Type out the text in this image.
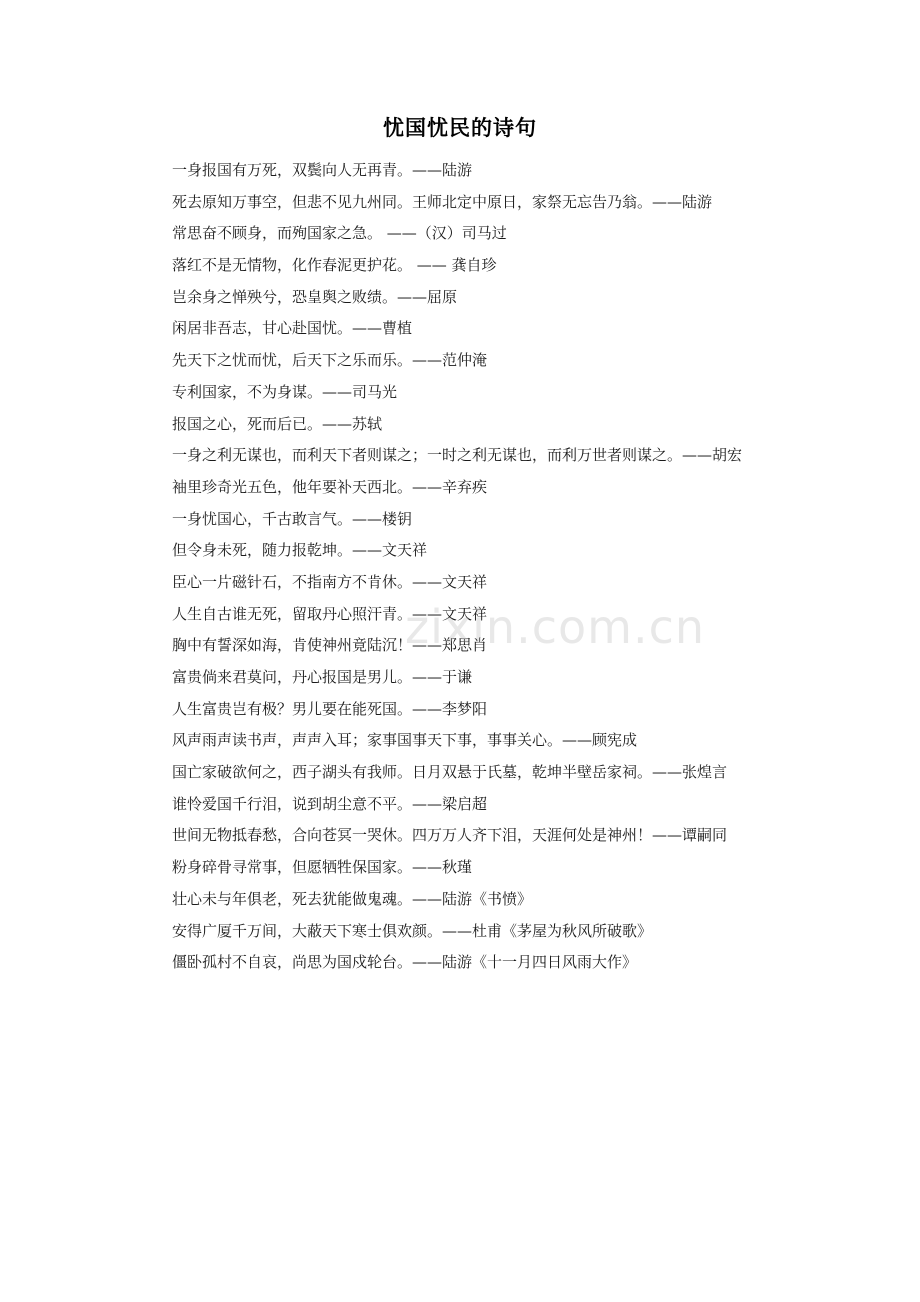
忧国忧民的诗句
一身报国有万死，双鬓向人无再青。——陆游
死去原知万事空，但悲不见九州同。王师北定中原日，家祭无忘告乃翁。——陆游
常思奋不顾身，而殉国家之急。 ——（汉）司马过
落红不是无情物，化作春泥更护花。 —— 龚自珍
岂余身之惮殃兮，恐皇舆之败绩。——屈原
闲居非吾志，甘心赴国忧。——曹植
先天下之忧而忧，后天下之乐而乐。——范仲淹
专利国家，不为身谋。——司马光
报国之心，死而后已。——苏轼
一身之利无谋也，而利天下者则谋之；一时之利无谋也，而利万世者则谋之。——胡宏
袖里珍奇光五色，他年要补天西北。——辛弃疾
一身忧国心，千古敢言气。——楼钥
但令身未死，随力报乾坤。——文天祥
臣心一片磁针石，不指南方不肯休。——文天祥
人生自古谁无死，留取丹心照汗青。——文天祥
胸中有誓深如海，肯使神州竟陆沉！——郑思肖
富贵倘来君莫问，丹心报国是男儿。——于谦
人生富贵岂有极？男儿要在能死国。——李梦阳
风声雨声读书声，声声入耳；家事国事天下事，事事关心。——顾宪成
国亡家破欲何之，西子湖头有我师。日月双悬于氏墓，乾坤半壁岳家祠。——张煌言
谁怜爱国千行泪，说到胡尘意不平。——梁启超
世间无物抵春愁，合向苍冥一哭休。四万万人齐下泪，天涯何处是神州！——谭嗣同
粉身碎骨寻常事，但愿牺牲保国家。——秋瑾
壮心未与年俱老，死去犹能做鬼魂。——陆游《书愤》
安得广厦千万间，大蔽天下寒士俱欢颜。——杜甫《茅屋为秋风所破歌》
僵卧孤村不自哀，尚思为国戍轮台。——陆游《十一月四日风雨大作》
zixin.com.cn
